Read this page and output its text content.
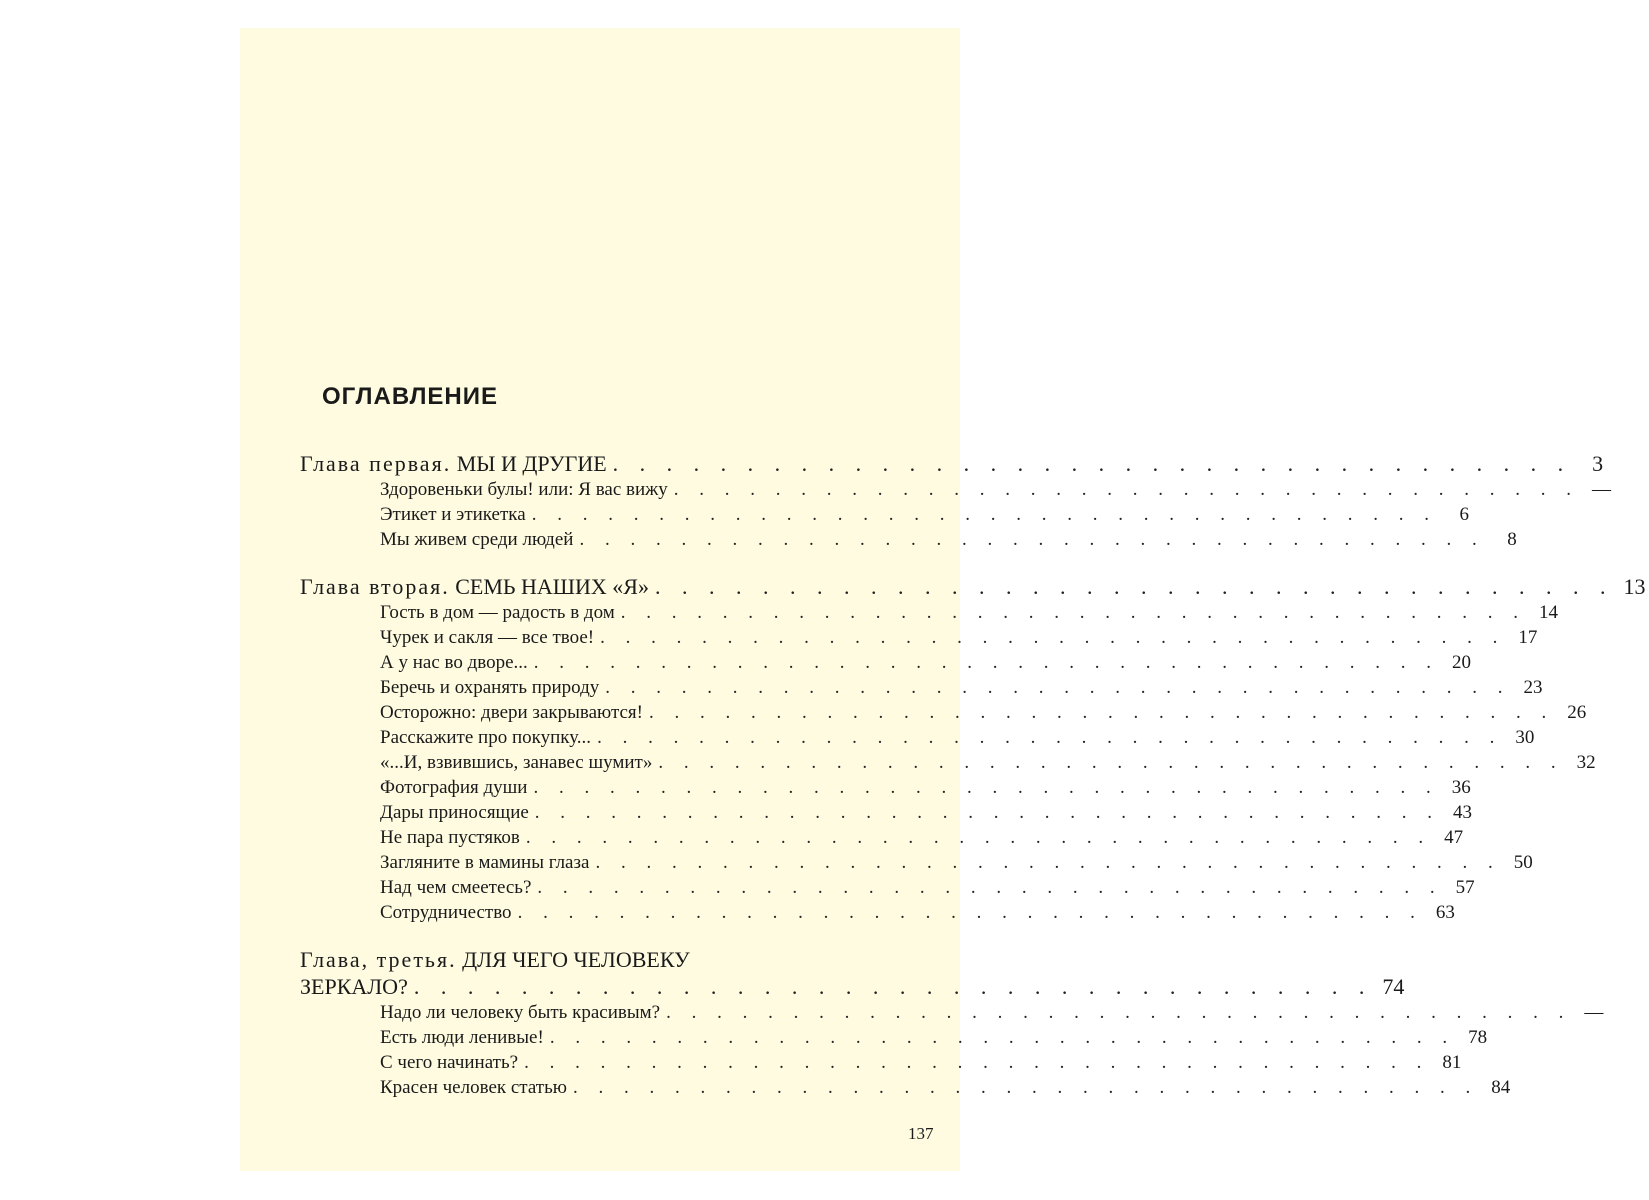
ОГЛАВЛЕНИЕ
Глава первая. МЫ И ДРУГИЕ . . . . . . . . . . . . . . . . . . . . . . . . . . . . . . . . . . . . 3
Здоровеньки булы! или: Я вас вижу . . . . . . . . . . . . . . . . . . . . . . . . . . . . . . . . . . . . —
Этикет и этикетка . . . . . . . . . . . . . . . . . . . . . . . . . . . . . . . . . . . .	6
Мы живем среди людей . . . . . . . . . . . . . . . . . . . . . . . . . . . . . . . . . . . .	8
Глава вторая. СЕМЬ НАШИХ «Я» . . . . . . . . . . . . . . . . . . . . . . . . . . . . . . . . . . . . 13
Гость в дом — радость в дом . . . . . . . . . . . . . . . . . . . . . . . . . . . . . . . . . . . . 14
Чурек и сакля — все твое! . . . . . . . . . . . . . . . . . . . . . . . . . . . . . . . . . . . . 17
А у нас во дворе... . . . . . . . . . . . . . . . . . . . . . . . . . . . . . . . . . . . . 20
Беречь и охранять природу . . . . . . . . . . . . . . . . . . . . . . . . . . . . . . . . . . . . 23
Осторожно: двери закрываются! . . . . . . . . . . . . . . . . . . . . . . . . . . . . . . . . . . . . 26
Расскажите про покупку... . . . . . . . . . . . . . . . . . . . . . . . . . . . . . . . . . . . . 30
«...И, взвившись, занавес шумит» . . . . . . . . . . . . . . . . . . . . . . . . . . . . . . . . . . . . 32
Фотография души . . . . . . . . . . . . . . . . . . . . . . . . . . . . . . . . . . . . 36
Дары приносящие . . . . . . . . . . . . . . . . . . . . . . . . . . . . . . . . . . . . 43
Не пара пустяков . . . . . . . . . . . . . . . . . . . . . . . . . . . . . . . . . . . . 47
Загляните в мамины глаза . . . . . . . . . . . . . . . . . . . . . . . . . . . . . . . . . . . . 50
Над чем смеетесь? . . . . . . . . . . . . . . . . . . . . . . . . . . . . . . . . . . . . 57
Сотрудничество . . . . . . . . . . . . . . . . . . . . . . . . . . . . . . . . . . . . 63
Глава, третья. ДЛЯ ЧЕГО ЧЕЛОВЕКУ
ЗЕРКАЛО? . . . . . . . . . . . . . . . . . . . . . . . . . . . . . . . . . . . . 74
Надо ли человеку быть красивым? . . . . . . . . . . . . . . . . . . . . . . . . . . . . . . . . . . . . —
Есть люди ленивые! . . . . . . . . . . . . . . . . . . . . . . . . . . . . . . . . . . . . 78
С чего начинать? . . . . . . . . . . . . . . . . . . . . . . . . . . . . . . . . . . . . 81
Красен человек статью . . . . . . . . . . . . . . . . . . . . . . . . . . . . . . . . . . . . 84
137
